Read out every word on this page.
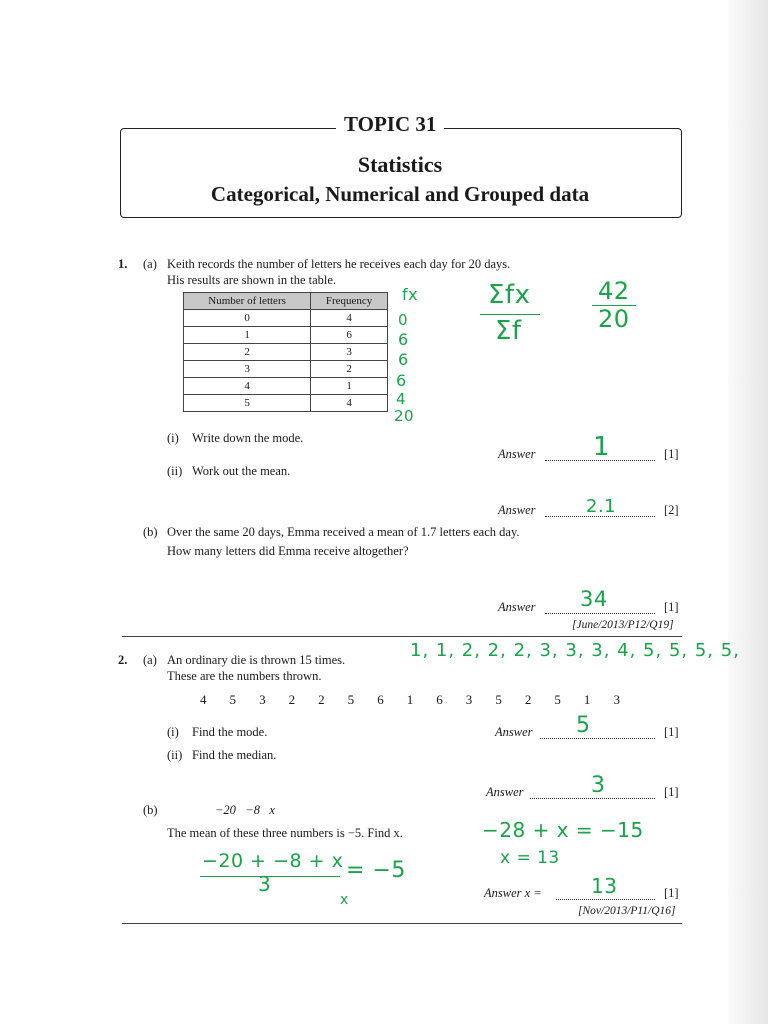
TOPIC 31
Statistics
Categorical, Numerical and Grouped data
1. (a) Keith records the number of letters he receives each day for 20 days.
His results are shown in the table.
Number of letters	Frequency
0	4
1	6
2	3
3	2
4	1
5	4
fx
0
6
6
6
4
20
Σfx
Σf
42
20
(i) Write down the mode.
Answer 1	[1]
(ii) Work out the mean.
Answer	2.1	[2]
(b) Over the same 20 days, Emma received a mean of 1.7 letters each day.
How many letters did Emma receive altogether?
Answer 34	[1]
[June/2013/P12/Q19]
1, 1, 2, 2, 2, 3, 3, 3, 4, 5, 5, 5, 5,
2. (a) An ordinary die is thrown 15 times.
These are the numbers thrown.
4 5 3 2 2 5 6 1 6 3 5 2 5 1 3
(i) Find the mode.	Answer 5	[1]
(ii) Find the median.
Answer	3	[1]
(b)	−20   −8   x
The mean of these three numbers is −5. Find x.	−28 + x = −15
x = 13
−20 + −8 + x
3
= −5
x	Answer x = 13	[1]
[Nov/2013/P11/Q16]
